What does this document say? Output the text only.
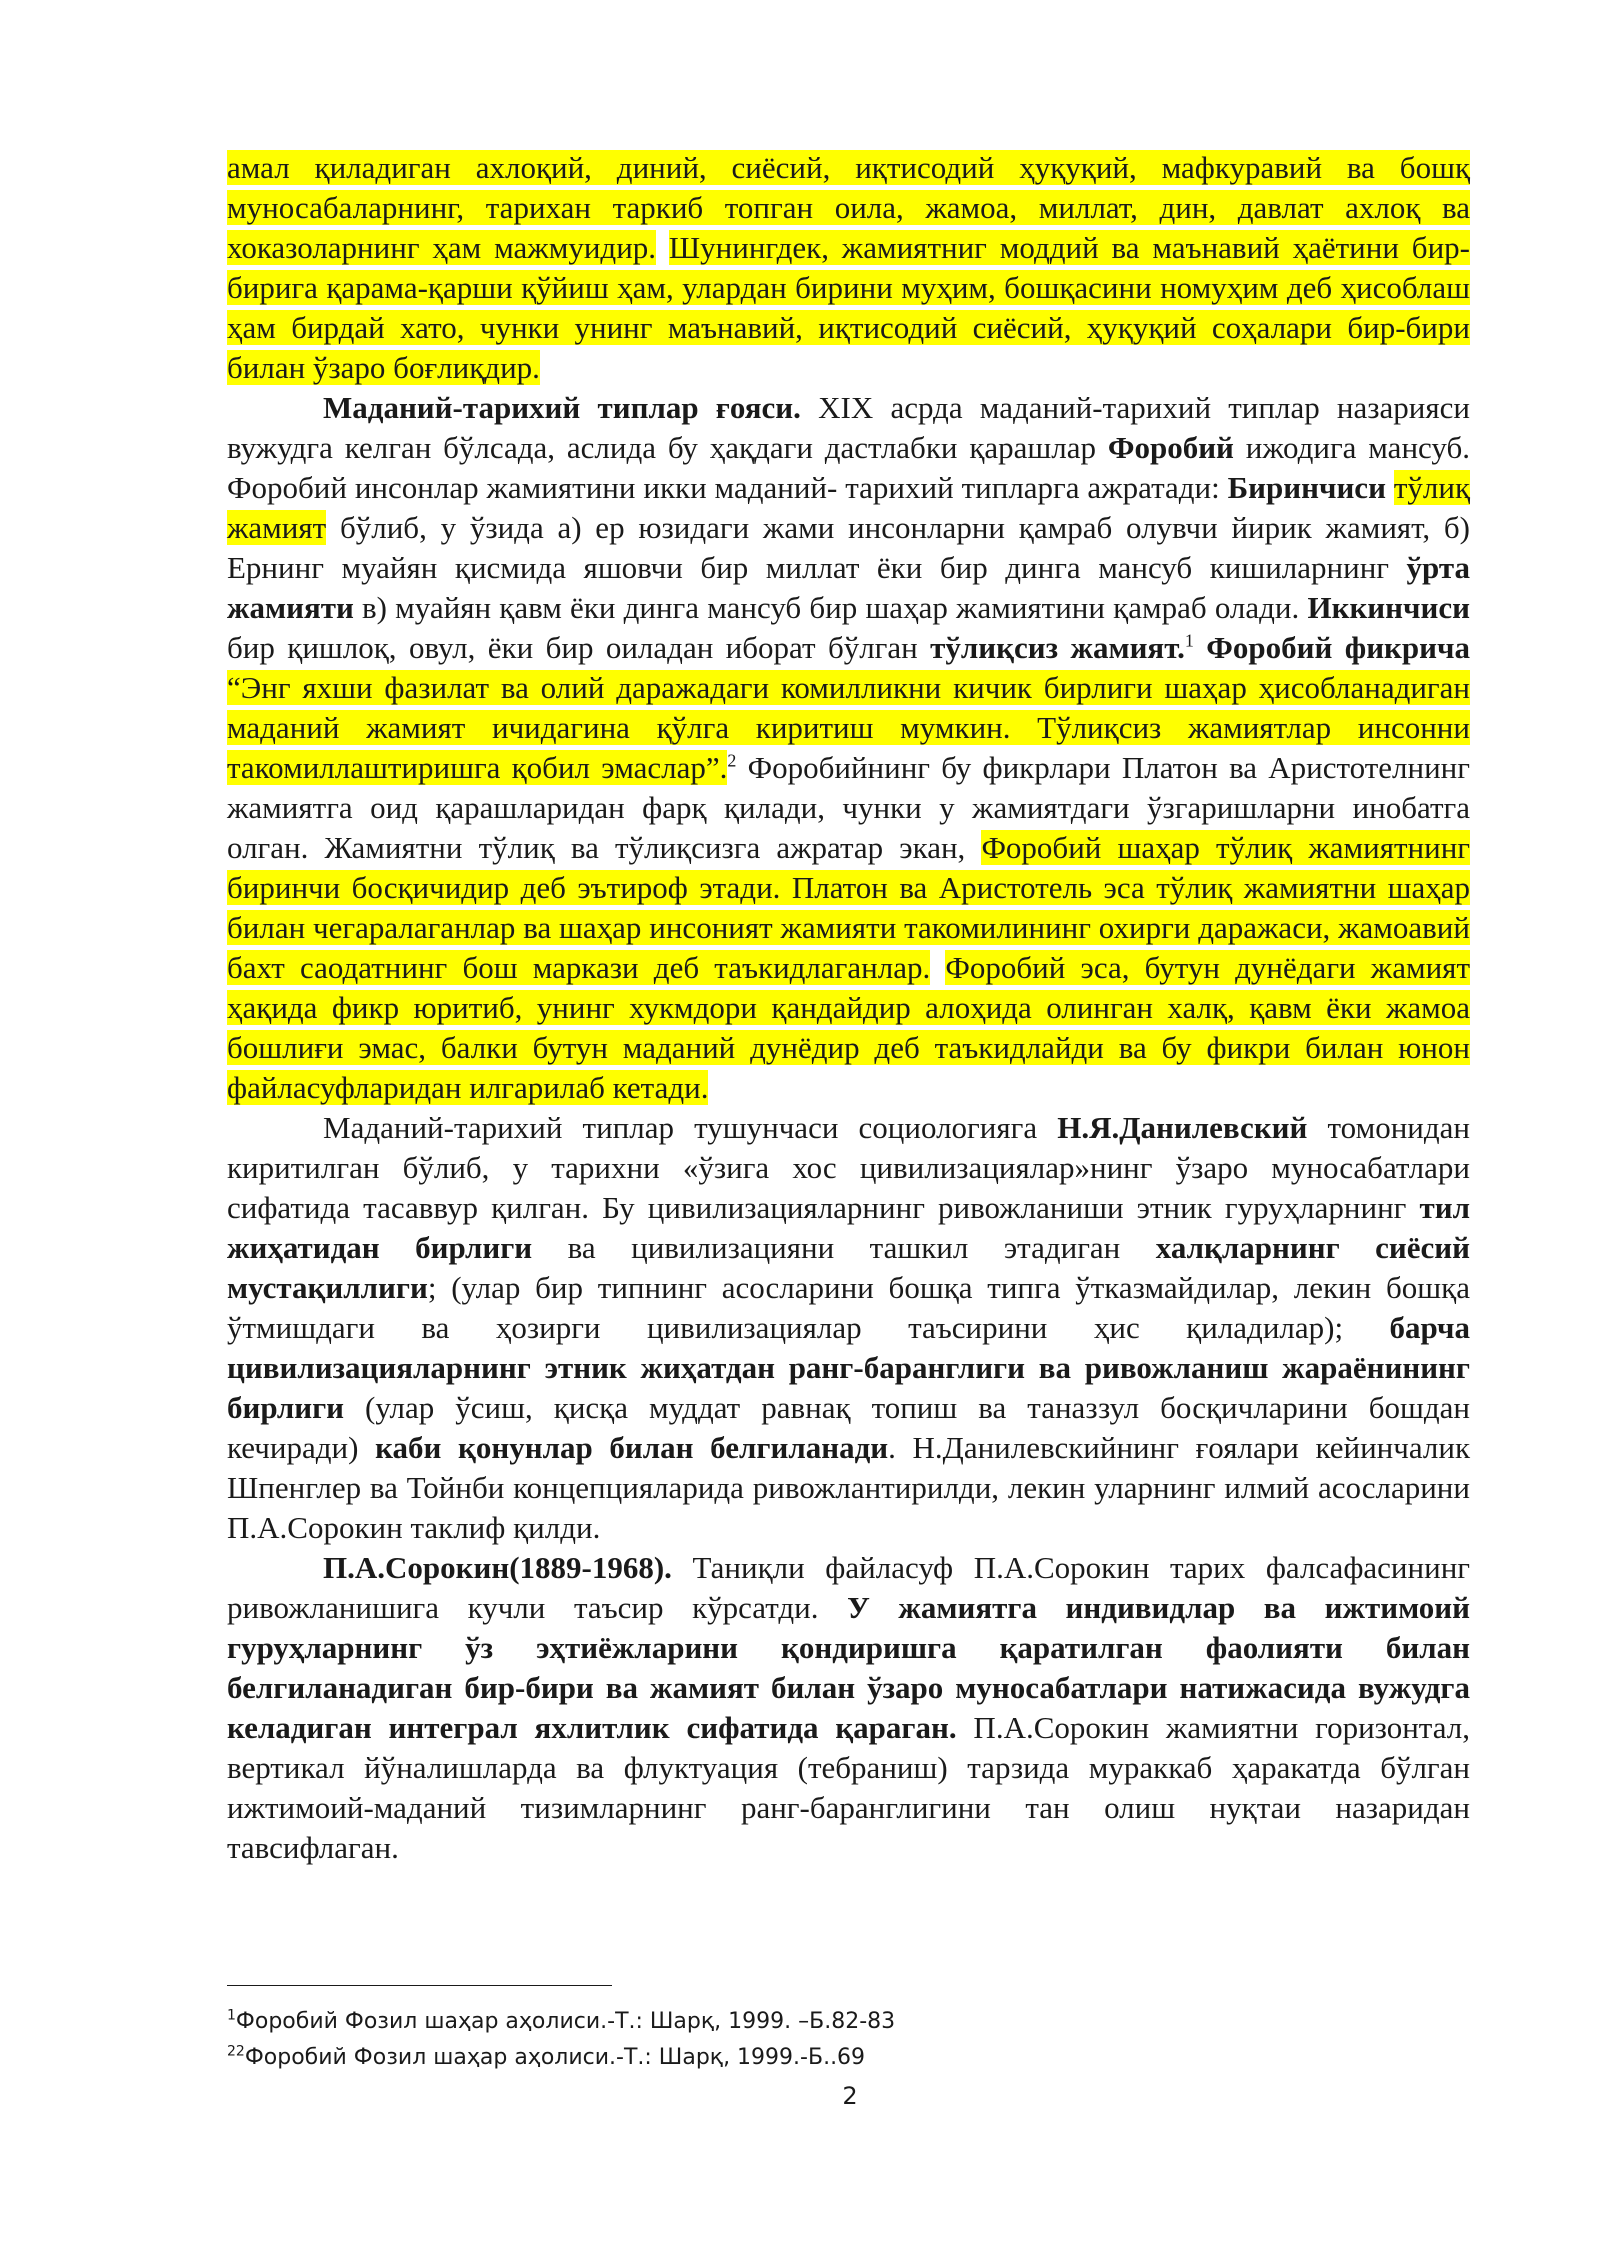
амал қиладиган ахлоқий, диний, сиёсий, иқтисодий ҳуқуқий, мафкуравий ва бошқ муносабаларнинг, тарихан таркиб топган оила, жамоа, миллат, дин, давлат ахлоқ ва хоказоларнинг ҳам мажмуидир. Шунингдек, жамиятниг моддий ва маънавий ҳаётини бир-бирига қарама-қарши қўйиш ҳам, улардан бирини муҳим, бошқасини номуҳим деб ҳисоблаш ҳам бирдай хато, чунки унинг маънавий, иқтисодий сиёсий, ҳуқуқий соҳалари бир-бири билан ўзаро боғлиқдир.

Маданий-тарихий типлар ғояси. XIX асрда маданий-тарихий типлар назарияси вужудга келган бўлсада, аслида бу ҳақдаги дастлабки қарашлар Форобий ижодига мансуб. Форобий инсонлар жамиятини икки маданий- тарихий типларга ажратади: Биринчиси тўлиқ жамият бўлиб, у ўзида а) ер юзидаги жами инсонларни қамраб олувчи йирик жамият, б) Ернинг муайян қисмида яшовчи бир миллат ёки бир динга мансуб кишиларнинг ўрта жамияти в) муайян қавм ёки динга мансуб бир шаҳар жамиятини қамраб олади. Иккинчиси бир қишлоқ, овул, ёки бир оиладан иборат бўлган тўлиқсиз жамият.$^1$ Форобий фикрича “Энг яхши фазилат ва олий даражадаги комилликни кичик бирлиги шаҳар ҳисобланадиган маданий жамият ичидагина қўлга киритиш мумкин. Тўлиқсиз жамиятлар инсонни такомиллаштиришга қобил эмаслар”.$^2$ Форобийнинг бу фикрлари Платон ва Аристотелнинг жамиятга оид қарашларидан фарқ қилади, чунки у жамиятдаги ўзгаришларни инобатга олган. Жамиятни тўлиқ ва тўлиқсизга ажратар экан, Форобий шаҳар тўлиқ жамиятнинг биринчи босқичидир деб эътироф этади. Платон ва Аристотель эса тўлиқ жамиятни шаҳар билан чегаралаганлар ва шаҳар инсоният жамияти такомилининг охирги даражаси, жамоавий бахт саодатнинг бош маркази деб таъкидлаганлар. Форобий эса, бутун дунёдаги жамият ҳақида фикр юритиб, унинг хукмдори қандайдир алоҳида олинган халқ, қавм ёки жамоа бошлиғи эмас, балки бутун маданий дунёдир деб таъкидлайди ва бу фикри билан юнон файласуфларидан илгарилаб кетади.

Маданий-тарихий типлар тушунчаси социологияга Н.Я.Данилевский томонидан киритилган бўлиб, у тарихни «ўзига хос цивилизациялар»нинг ўзаро муносабатлари сифатида тасаввур қилган. Бу цивилизацияларнинг ривожланиши этник гуруҳларнинг тил жиҳатидан бирлиги ва цивилизацияни ташкил этадиган халқларнинг сиёсий мустақиллиги; (улар бир типнинг асосларини бошқа типга ўтказмайдилар, лекин бошқа ўтмишдаги ва ҳозирги цивилизациялар таъсирини ҳис қиладилар); барча цивилизацияларнинг этник жиҳатдан ранг-баранглиги ва ривожланиш жараёнининг бирлиги (улар ўсиш, қисқа муддат равнақ топиш ва таназзул босқичларини бошдан кечиради) каби қонунлар билан белгиланади. Н.Данилевскийнинг ғоялари кейинчалик Шпенглер ва Тойнби концепцияларида ривожлантирилди, лекин уларнинг илмий асосларини П.А.Сорокин таклиф қилди.

П.А.Сорокин(1889-1968). Таниқли файласуф П.А.Сорокин тарих фалсафасининг ривожланишига кучли таъсир кўрсатди. У жамиятга индивидлар ва ижтимоий гуруҳларнинг ўз эҳтиёжларини қондиришга қаратилган фаолияти билан белгиланадиган бир-бири ва жамият билан ўзаро муносабатлари натижасида вужудга келадиган интеграл яхлитлик сифатида қараган. П.А.Сорокин жамиятни горизонтал, вертикал йўналишларда ва флуктуация (тебраниш) тарзида мураккаб ҳаракатда бўлган ижтимоий-маданий тизимларнинг ранг-баранглигини тан олиш нуқтаи назаридан тавсифлаган.

$^1$Форобий Фозил шаҳар аҳолиси.-Т.: Шарқ, 1999. –Б.82-83

$^{22}$Форобий Фозил шаҳар аҳолиси.-Т.: Шарқ, 1999.-Б..69

2
